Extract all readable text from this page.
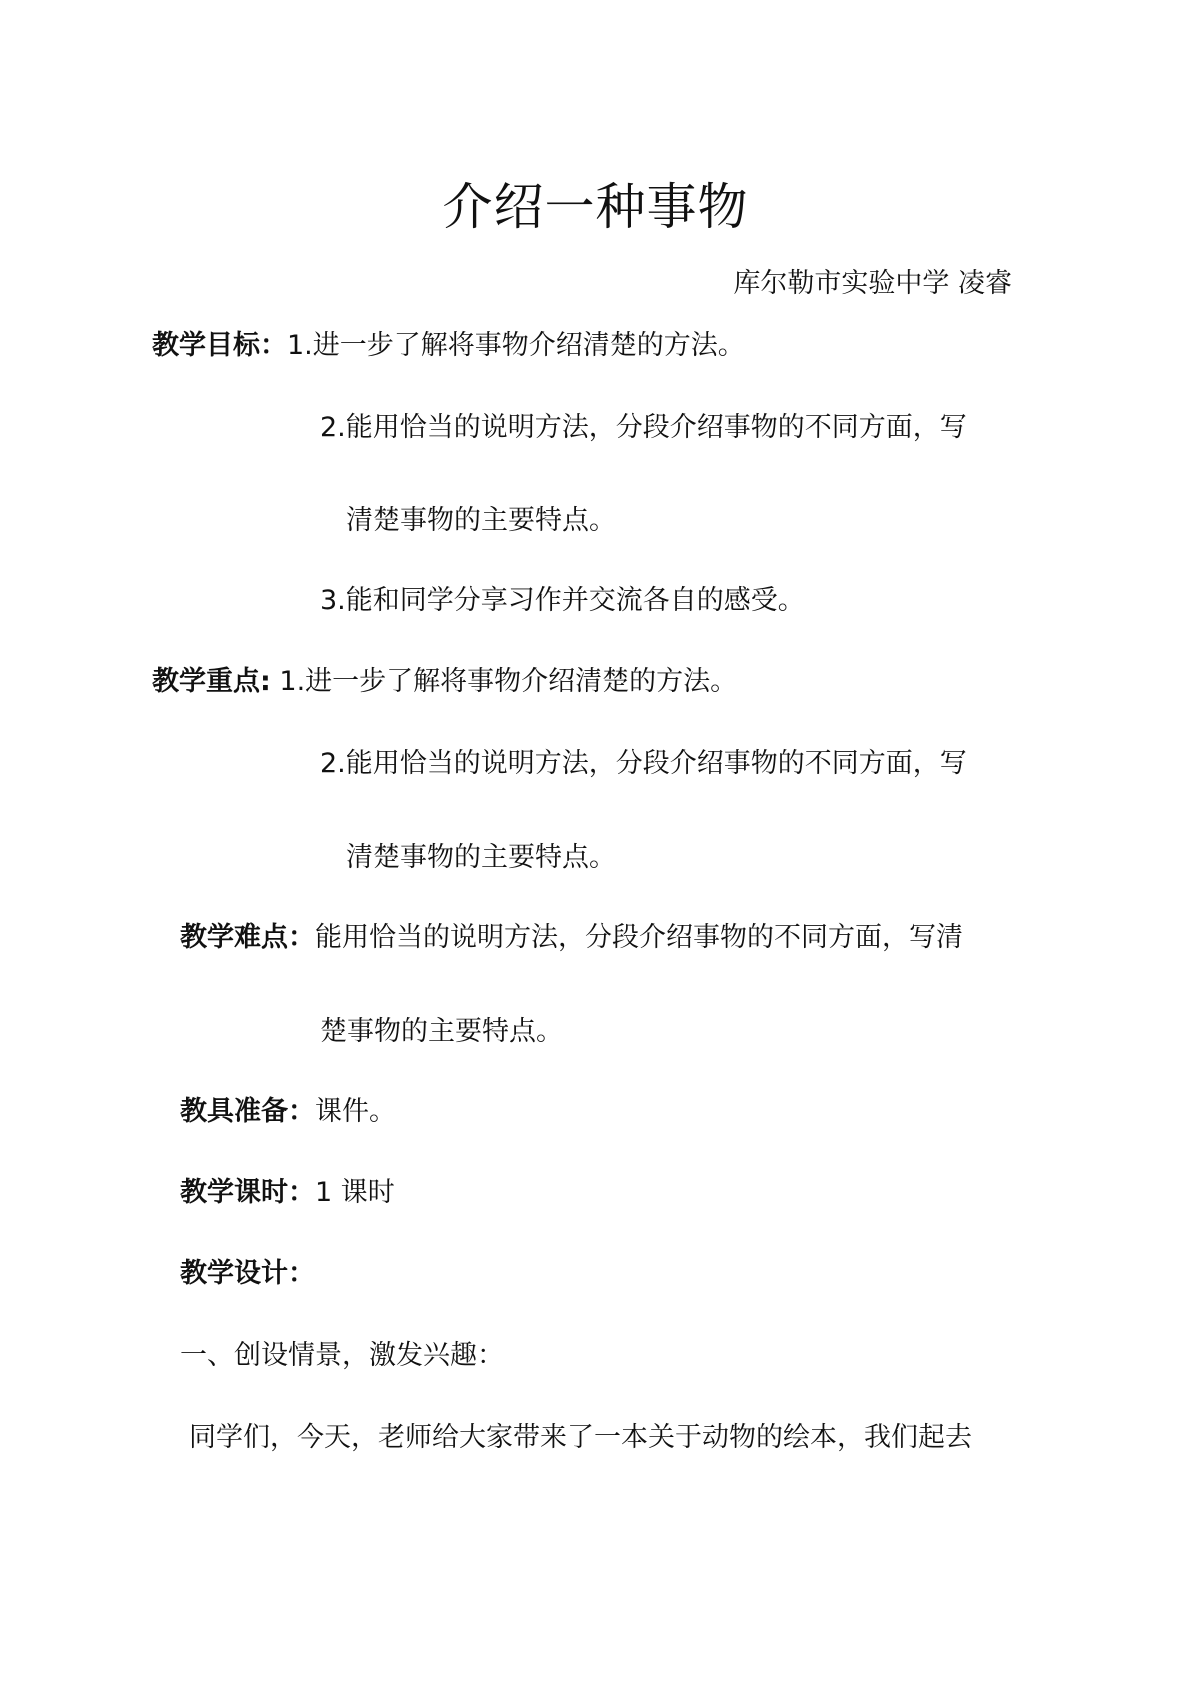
介绍一种事物
库尔勒市实验中学 凌睿
教学目标：1.进一步了解将事物介绍清楚的方法。
2.能用恰当的说明方法，分段介绍事物的不同方面，写
清楚事物的主要特点。
3.能和同学分享习作并交流各自的感受。
教学重点: 1.进一步了解将事物介绍清楚的方法。
2.能用恰当的说明方法，分段介绍事物的不同方面，写
清楚事物的主要特点。
教学难点：能用恰当的说明方法，分段介绍事物的不同方面，写清
楚事物的主要特点。
教具准备：课件。
教学课时：1 课时
教学设计：
一、创设情景，激发兴趣：
同学们，今天，老师给大家带来了一本关于动物的绘本，我们起去
